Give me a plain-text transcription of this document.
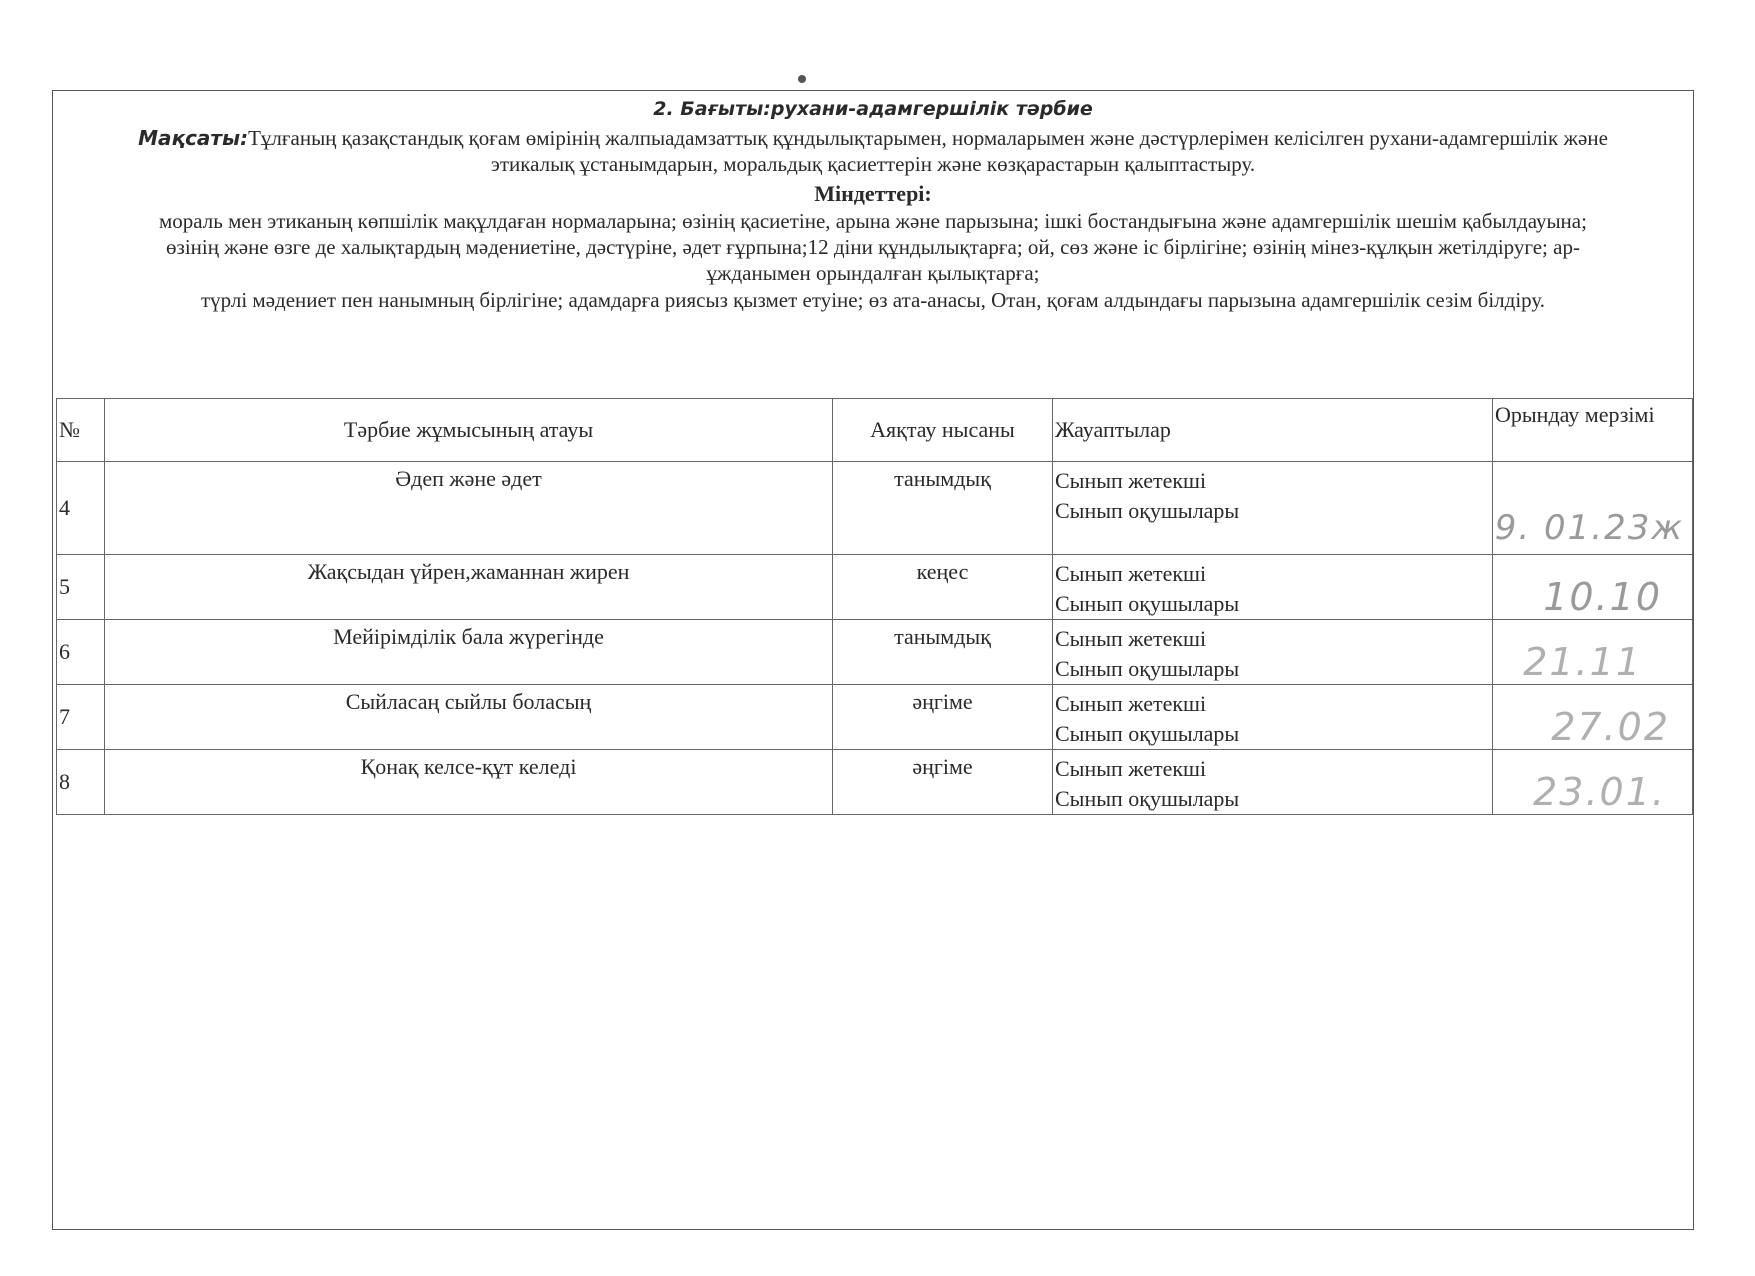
2. Бағыты:рухани-адамгершілік тәрбие
Мақсаты:Тұлғаның қазақстандық қоғам өмірінің жалпыадамзаттық құндылықтарымен, нормаларымен және дәстүрлерімен келісілген рухани-адамгершілік және этикалық ұстанымдарын, моральдық қасиеттерін және көзқарастарын қалыптастыру.
Міндеттері:
мораль мен этиканың көпшілік мақұлдаған нормаларына; өзінің қасиетіне, арына және парызына; ішкі бостандығына және адамгершілік шешім қабылдауына;
өзінің және өзге де халықтардың мәдениетіне, дәстүріне, әдет ғұрпына;12 діни құндылықтарға; ой, сөз және іс бірлігіне; өзінің мінез-құлқын жетілдіруге; ар-ұжданымен орындалған қылықтарға;
түрлі мәдениет пен нанымның бірлігіне; адамдарға риясыз қызмет етуіне; өз ата-анасы, Отан, қоғам алдындағы парызына адамгершілік сезім білдіру.
№	Тәрбие жұмысының атауы	Аяқтау нысаны	Жауаптылар	Орындау мерзімі
4	Әдеп және әдет	танымдық	Сынып жетекші
Сынып оқушылары	9. 01.23ж

5	Жақсыдан үйрен,жаманнан жирен	кеңес	Сынып жетекші
Сынып оқушылары	10.10

6	Мейірімділік бала жүрегінде	танымдық	Сынып жетекші
Сынып оқушылары	21.11

7	Сыйласаң сыйлы боласың	әңгіме	Сынып жетекші
Сынып оқушылары	27.02

8	Қонақ келсе-құт келеді	әңгіме	Сынып жетекші
Сынып оқушылары	23.01.
